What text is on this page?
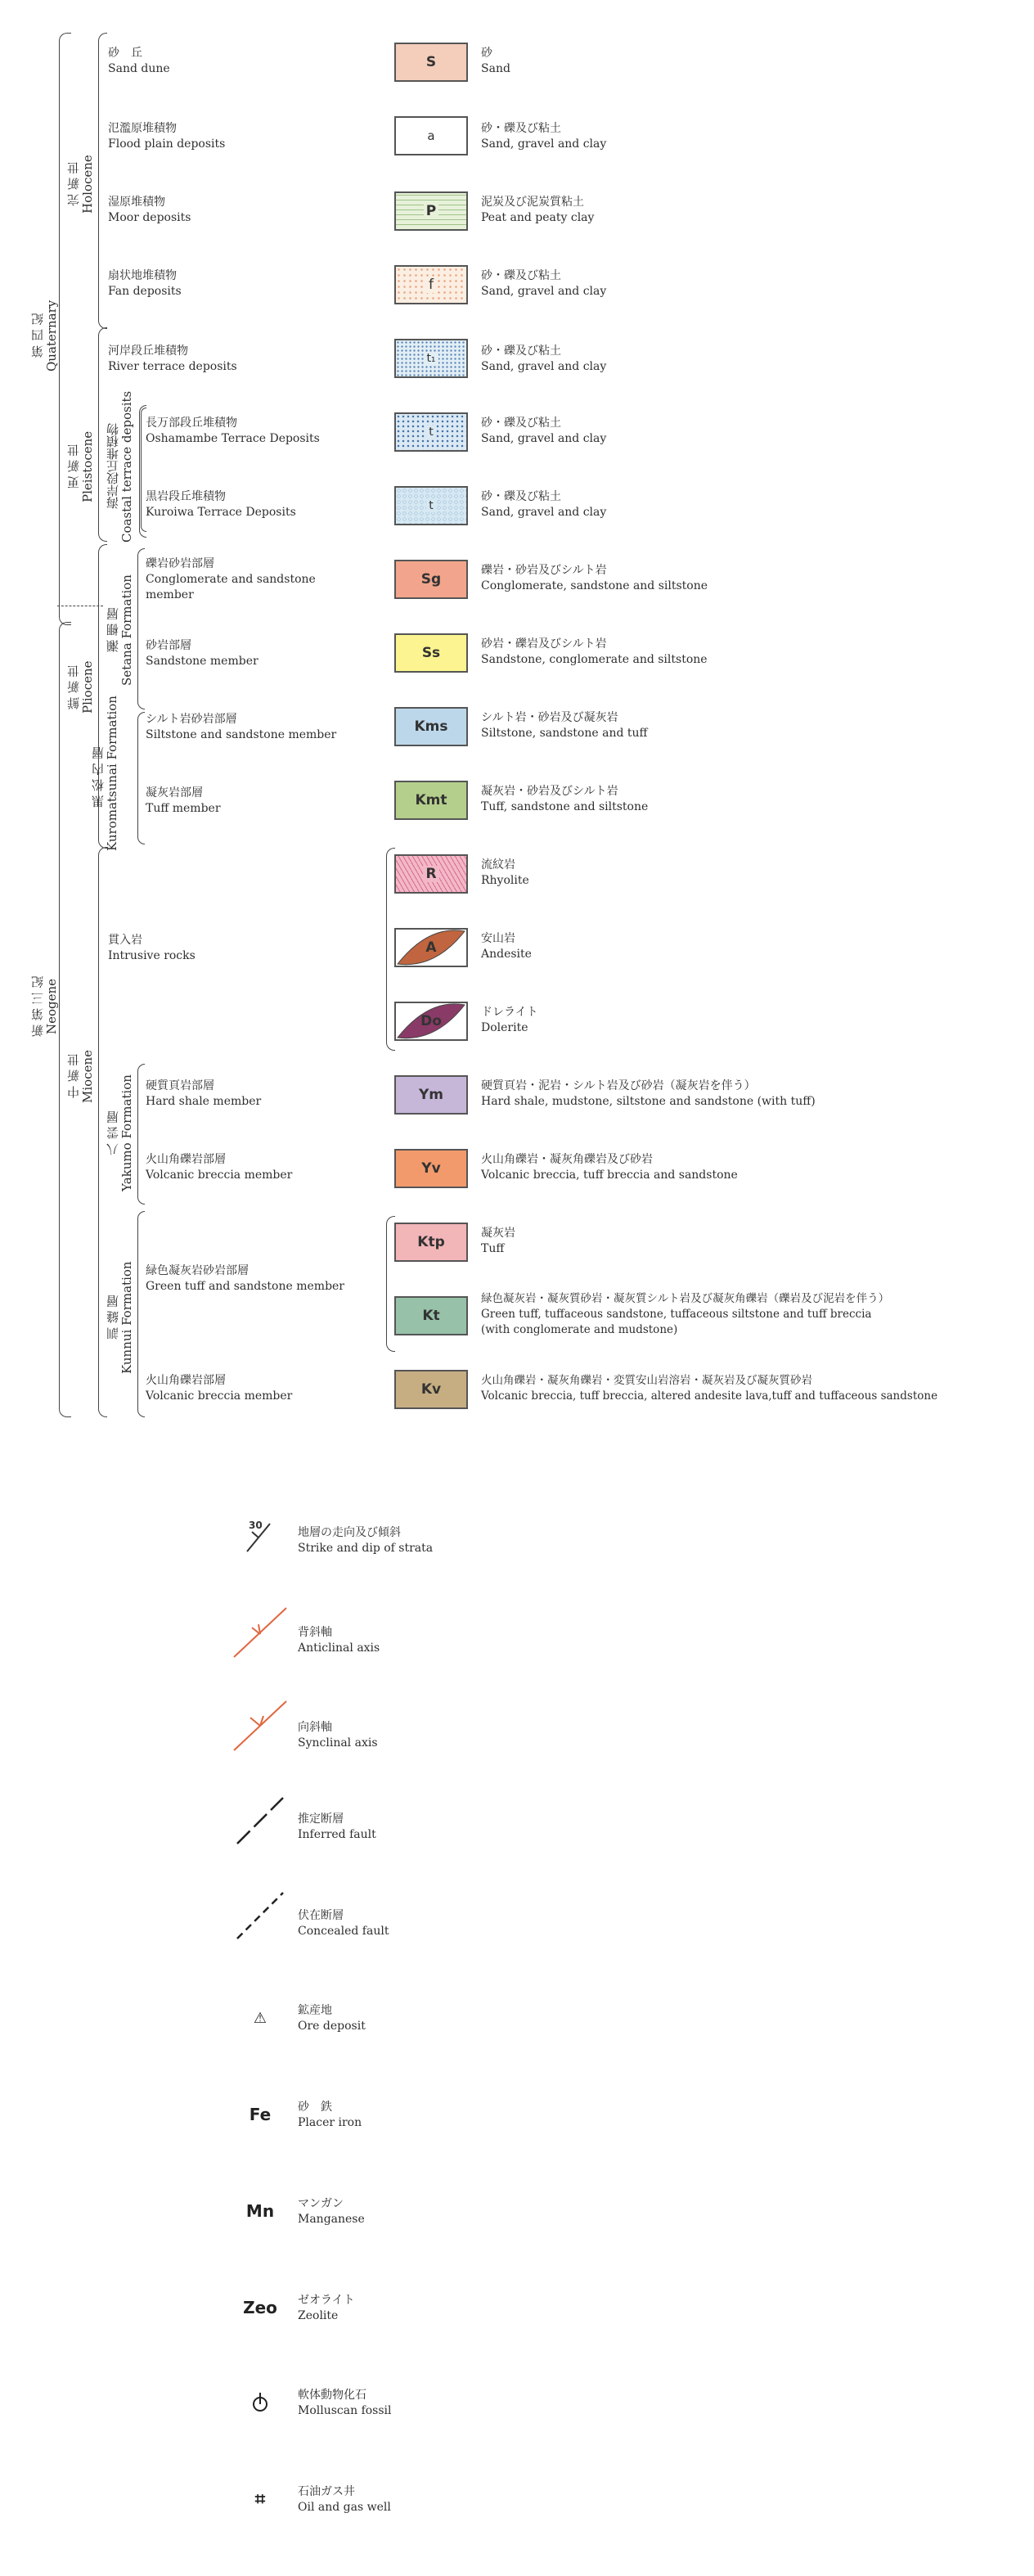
第 四 紀
Quaternary
新 第 三 紀
Neogene
完 新 世
Holocene
更 新 世
Pleistocene
鮮 新 世
Pliocene
中 新 世
Miocene
海岸段丘堆積物
Coastal terrace deposits
瀬 棚 層
Setana Formation
黒 松 内 層
Kuromatsunai Formation
八 雲 層
Yakumo Formation
訓 縫 層
Kunnui Formation
砂　丘
Sand dune
氾濫原堆積物
Flood plain deposits
湿原堆積物
Moor deposits
扇状地堆積物
Fan deposits
河岸段丘堆積物
River terrace deposits
長万部段丘堆積物
Oshamambe Terrace Deposits
黒岩段丘堆積物
Kuroiwa Terrace Deposits
礫岩砂岩部層
Conglomerate and sandstone
member
砂岩部層
Sandstone member
シルト岩砂岩部層
Siltstone and sandstone member
凝灰岩部層
Tuff member
貫入岩
Intrusive rocks
硬質頁岩部層
Hard shale member
火山角礫岩部層
Volcanic breccia member
緑色凝灰岩砂岩部層
Green tuff and sandstone member
火山角礫岩部層
Volcanic breccia member
S
a
P
f
t₁
t
t
Sg
Ss
Kms
Kmt
R
A
Do
Ym
Yv
Ktp
Kt
Kv
砂
Sand
砂・礫及び粘土
Sand, gravel and clay
泥炭及び泥炭質粘土
Peat and peaty clay
砂・礫及び粘土
Sand, gravel and clay
砂・礫及び粘土
Sand, gravel and clay
砂・礫及び粘土
Sand, gravel and clay
砂・礫及び粘土
Sand, gravel and clay
礫岩・砂岩及びシルト岩
Conglomerate, sandstone and siltstone
砂岩・礫岩及びシルト岩
Sandstone, conglomerate and siltstone
シルト岩・砂岩及び凝灰岩
Siltstone, sandstone and tuff
凝灰岩・砂岩及びシルト岩
Tuff, sandstone and siltstone
流紋岩
Rhyolite
安山岩
Andesite
ドレライト
Dolerite
硬質頁岩・泥岩・シルト岩及び砂岩（凝灰岩を伴う）
Hard shale, mudstone, siltstone and sandstone (with tuff)
火山角礫岩・凝灰角礫岩及び砂岩
Volcanic breccia, tuff breccia and sandstone
凝灰岩
Tuff
緑色凝灰岩・凝灰質砂岩・凝灰質シルト岩及び凝灰角礫岩（礫岩及び泥岩を伴う）
Green tuff, tuffaceous sandstone, tuffaceous siltstone and tuff breccia
(with conglomerate and mudstone)
火山角礫岩・凝灰角礫岩・変質安山岩溶岩・凝灰岩及び凝灰質砂岩
Volcanic breccia, tuff breccia, altered andesite lava,tuff and tuffaceous sandstone
30
地層の走向及び傾斜
Strike and dip of strata
背斜軸
Anticlinal axis
向斜軸
Synclinal axis
推定断層
Inferred fault
伏在断層
Concealed fault
⚠	鉱産地
Ore deposit
Fe 砂　鉄
Placer iron
Mn マンガン
Manganese
Zeo ゼオライト
Zeolite
軟体動物化石
Molluscan fossil
⌗	石油ガス井
Oil and gas well
